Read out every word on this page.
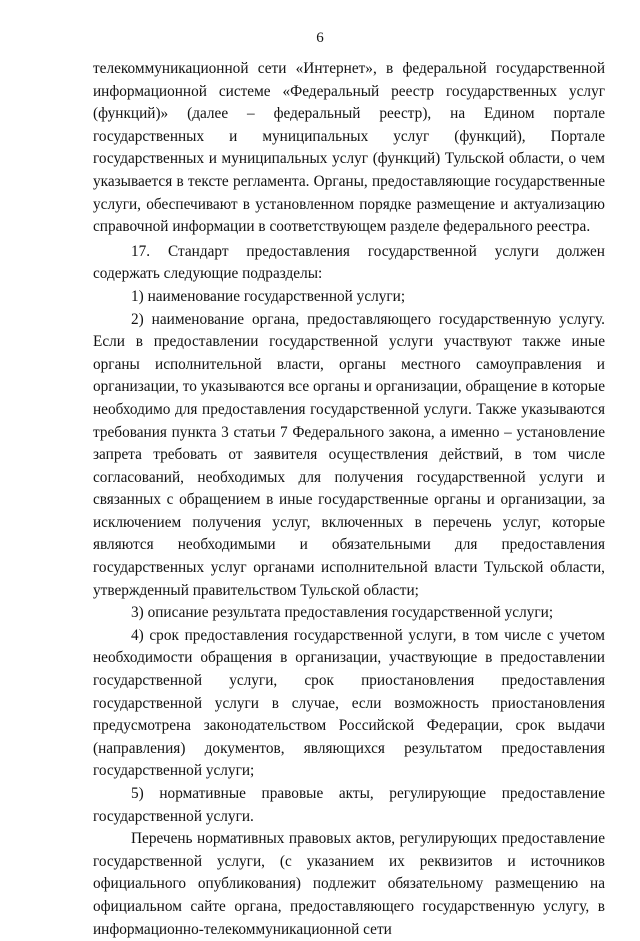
6

телекоммуникационной сети «Интернет», в федеральной государственной информационной системе «Федеральный реестр государственных услуг (функций)» (далее – федеральный реестр), на Едином портале государственных и муниципальных услуг (функций), Портале государственных и муниципальных услуг (функций) Тульской области, о чем указывается в тексте регламента. Органы, предоставляющие государственные услуги, обеспечивают в установленном порядке размещение и актуализацию справочной информации в соответствующем разделе федерального реестра.

17. Стандарт предоставления государственной услуги должен содержать следующие подразделы:

1) наименование государственной услуги;

2) наименование органа, предоставляющего государственную услугу. Если в предоставлении государственной услуги участвуют также иные органы исполнительной власти, органы местного самоуправления и организации, то указываются все органы и организации, обращение в которые необходимо для предоставления государственной услуги. Также указываются требования пункта 3 статьи 7 Федерального закона, а именно – установление запрета требовать от заявителя осуществления действий, в том числе согласований, необходимых для получения государственной услуги и связанных с обращением в иные государственные органы и организации, за исключением получения услуг, включенных в перечень услуг, которые являются необходимыми и обязательными для предоставления государственных услуг органами исполнительной власти Тульской области, утвержденный правительством Тульской области;

3) описание результата предоставления государственной услуги;

4) срок предоставления государственной услуги, в том числе с учетом необходимости обращения в организации, участвующие в предоставлении государственной услуги, срок приостановления предоставления государственной услуги в случае, если возможность приостановления предусмотрена законодательством Российской Федерации, срок выдачи (направления) документов, являющихся результатом предоставления государственной услуги;

5) нормативные правовые акты, регулирующие предоставление государственной услуги.

Перечень нормативных правовых актов, регулирующих предоставление государственной услуги, (с указанием их реквизитов и источников официального опубликования) подлежит обязательному размещению на официальном сайте органа, предоставляющего государственную услугу, в информационно-телекоммуникационной сети
